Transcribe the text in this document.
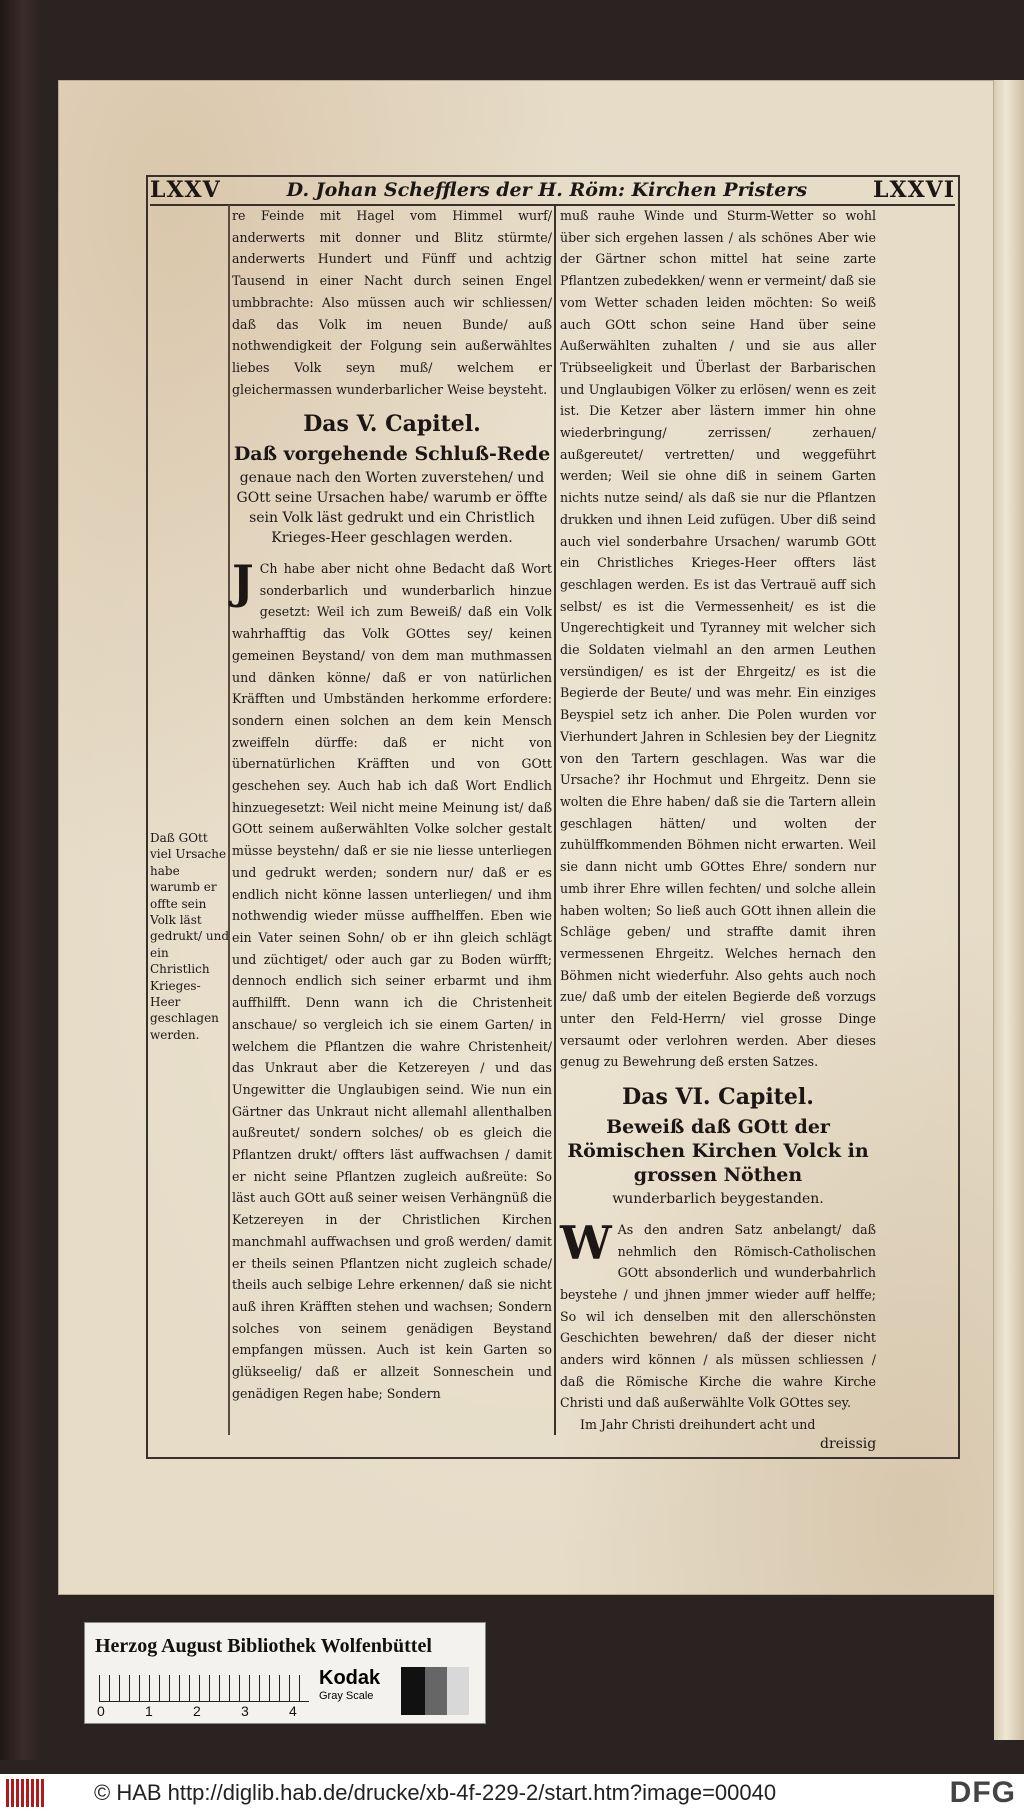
LXXV	D. Johan Schefflers der H. Röm: Kirchen Pristers	LXXVI
Daß GOtt viel Ursache habe warumb er offte sein Volk läst gedrukt/ und ein Christlich Krieges-Heer geschlagen werden.

re Feinde mit Hagel vom Himmel wurf/ anderwerts mit donner und Blitz stürmte/ anderwerts Hundert und Fünff und achtzig Tausend in einer Nacht durch seinen Engel umbbrachte: Also müssen auch wir schliessen/ daß das Volk im neuen Bunde/ auß nothwendigkeit der Folgung sein außerwähltes liebes Volk seyn muß/ welchem er gleichermassen wunderbarlicher Weise beysteht.

Das V. Capitel.
Daß vorgehende Schluß-Rede
genaue nach den Worten zuverstehen/ und GOtt seine Ursachen habe/ warumb er öffte sein Volk läst gedrukt und ein Christlich Krieges-Heer geschlagen werden.

J Ch habe aber nicht ohne Bedacht daß Wort sonderbarlich und wunderbarlich hinzue gesetzt: Weil ich zum Beweiß/ daß ein Volk wahrhafftig das Volk GOttes sey/ keinen gemeinen Beystand/ von dem man muthmassen und dänken könne/ daß er von natürlichen Kräfften und Umbständen herkomme erfordere: sondern einen solchen an dem kein Mensch zweiffeln dürffe: daß er nicht von übernatürlichen Kräfften und von GOtt geschehen sey. Auch hab ich daß Wort Endlich hinzuegesetzt: Weil nicht meine Meinung ist/ daß GOtt seinem außerwählten Volke solcher gestalt müsse beystehn/ daß er sie nie liesse unterliegen und gedrukt werden; sondern nur/ daß er es endlich nicht könne lassen unterliegen/ und ihm nothwendig wieder müsse auffhelffen. Eben wie ein Vater seinen Sohn/ ob er ihn gleich schlägt und züchtiget/ oder auch gar zu Boden würfft; dennoch endlich sich seiner erbarmt und ihm auffhilfft. Denn wann ich die Christenheit anschaue/ so vergleich ich sie einem Garten/ in welchem die Pflantzen die wahre Christenheit/ das Unkraut aber die Ketzereyen / und das Ungewitter die Unglaubigen seind. Wie nun ein Gärtner das Unkraut nicht allemahl allenthalben außreutet/ sondern solches/ ob es gleich die Pflantzen drukt/ offters läst auffwachsen / damit er nicht seine Pflantzen zugleich außreüte: So läst auch GOtt auß seiner weisen Verhängnüß die Ketzereyen in der Christlichen Kirchen manchmahl auffwachsen und groß werden/ damit er theils seinen Pflantzen nicht zugleich schade/ theils auch selbige Lehre erkennen/ daß sie nicht auß ihren Kräfften stehen und wachsen; Sondern solches von seinem genädigen Beystand empfangen müssen. Auch ist kein Garten so glükseelig/ daß er allzeit Sonneschein und genädigen Regen habe; Sondern

muß rauhe Winde und Sturm-Wetter so wohl über sich ergehen lassen / als schönes Aber wie der Gärtner schon mittel hat seine zarte Pflantzen zubedekken/ wenn er vermeint/ daß sie vom Wetter schaden leiden möchten: So weiß auch GOtt schon seine Hand über seine Außerwählten zuhalten / und sie aus aller Trübseeligkeit und Überlast der Barbarischen und Unglaubigen Völker zu erlösen/ wenn es zeit ist. Die Ketzer aber lästern immer hin ohne wiederbringung/ zerrissen/ zerhauen/ außgereutet/ vertretten/ und weggeführt werden; Weil sie ohne diß in seinem Garten nichts nutze seind/ als daß sie nur die Pflantzen drukken und ihnen Leid zufügen. Uber diß seind auch viel sonderbahre Ursachen/ warumb GOtt ein Christliches Krieges-Heer offters läst geschlagen werden. Es ist das Vertrauë auff sich selbst/ es ist die Vermessenheit/ es ist die Ungerechtigkeit und Tyranney mit welcher sich die Soldaten vielmahl an den armen Leuthen versündigen/ es ist der Ehrgeitz/ es ist die Begierde der Beute/ und was mehr. Ein einziges Beyspiel setz ich anher. Die Polen wurden vor Vierhundert Jahren in Schlesien bey der Liegnitz von den Tartern geschlagen. Was war die Ursache? ihr Hochmut und Ehrgeitz. Denn sie wolten die Ehre haben/ daß sie die Tartern allein geschlagen hätten/ und wolten der zuhülffkommenden Böhmen nicht erwarten. Weil sie dann nicht umb GOttes Ehre/ sondern nur umb ihrer Ehre willen fechten/ und solche allein haben wolten; So ließ auch GOtt ihnen allein die Schläge geben/ und straffte damit ihren vermessenen Ehrgeitz. Welches hernach den Böhmen nicht wiederfuhr. Also gehts auch noch zue/ daß umb der eitelen Begierde deß vorzugs unter den Feld-Herrn/ viel grosse Dinge versaumt oder verlohren werden. Aber dieses genug zu Bewehrung deß ersten Satzes.

Das VI. Capitel.
Beweiß daß GOtt der Römischen Kirchen Volck in grossen Nöthen
wunderbarlich beygestanden.

W As den andren Satz anbelangt/ daß nehmlich den Römisch-Catholischen GOtt absonderlich und wunderbahrlich beystehe / und jhnen jmmer wieder auff helffe; So wil ich denselben mit den allerschönsten Geschichten bewehren/ daß der dieser nicht anders wird können / als müssen schliessen / daß die Römische Kirche die wahre Kirche Christi und daß außerwählte Volk GOttes sey.

Im Jahr Christi dreihundert acht und

dreissig
Herzog August Bibliothek Wolfenbüttel
0	1	2	3	4
Kodak
Gray Scale
© HAB http://diglib.hab.de/drucke/xb-4f-229-2/start.htm?image=00040	DFG
